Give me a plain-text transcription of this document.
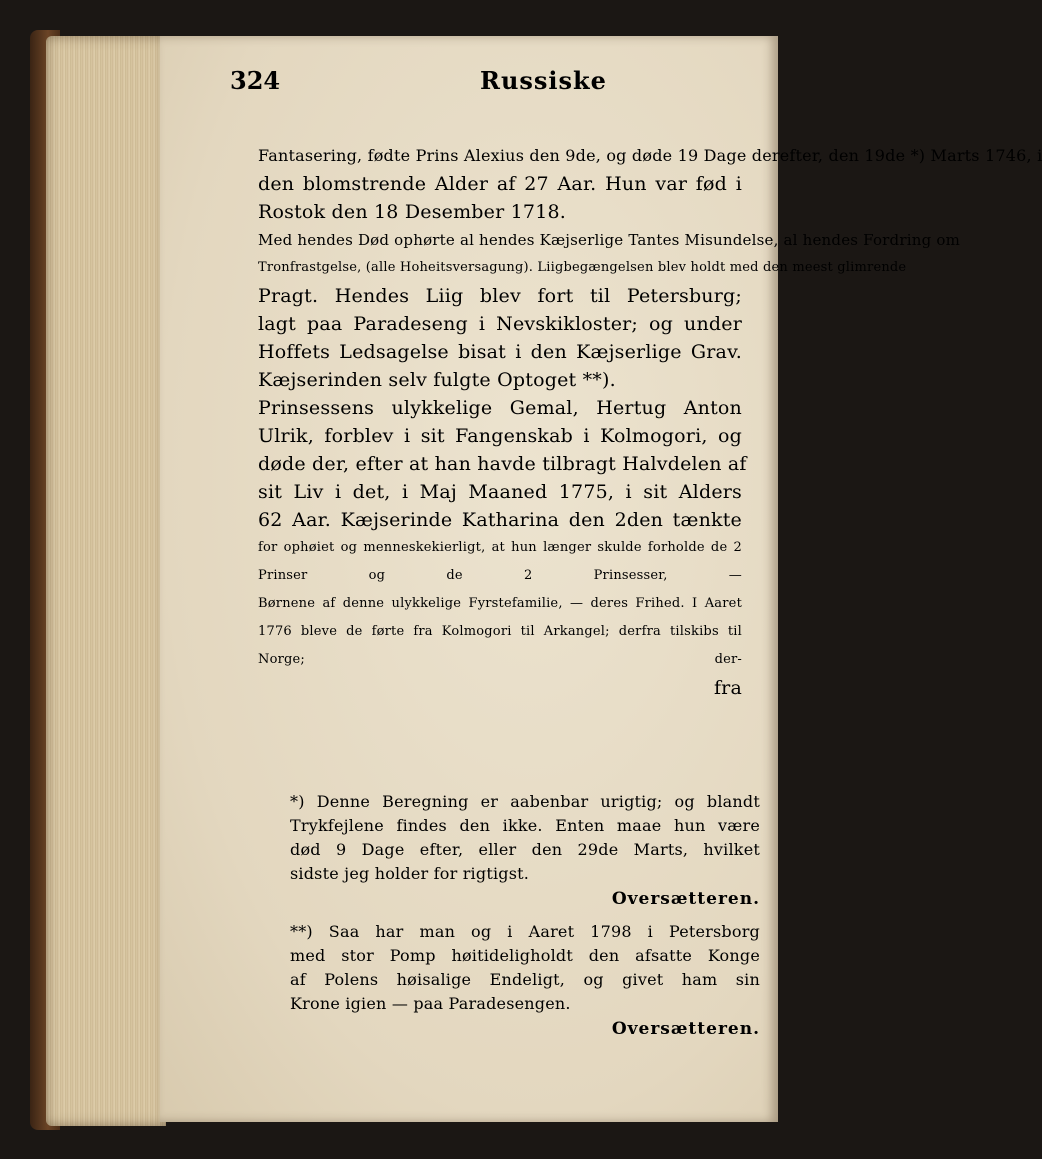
324	Russiske
Fantasering, fødte Prins Alexius den 9de, og døde 19 Dage derefter, den 19de *) Marts 1746, i
den blomstrende Alder af 27 Aar. Hun var fød i
Rostok den 18 Desember 1718.
Med hendes Død ophørte al hendes Kæjserlige Tantes Misundelse, al hendes Fordring om
Tronfrastgelse, (alle Hoheitsversagung). Liigbegængelsen blev holdt med den meest glimrende
Pragt. Hendes Liig blev fort til Petersburg;
lagt paa Paradeseng i Nevskikloster; og under
Hoffets Ledsagelse bisat i den Kæjserlige Grav.
Kæjserinden selv fulgte Optoget **).
Prinsessens ulykkelige Gemal, Hertug Anton
Ulrik, forblev i sit Fangenskab i Kolmogori, og
døde der, efter at han havde tilbragt Halvdelen af
sit Liv i det, i Maj Maaned 1775, i sit Alders
62 Aar. Kæjserinde Katharina den 2den tænkte
for ophøiet og menneskekierligt, at hun længer skulde forholde de 2 Prinser og de 2 Prinsesser, —
Børnene af denne ulykkelige Fyrstefamilie, — deres Frihed. I Aaret 1776 bleve de førte fra Kolmogori til Arkangel; derfra tilskibs til Norge; der-
fra
*) Denne Beregning er aabenbar urigtig; og blandt
Trykfejlene findes den ikke. Enten maae hun være
død 9 Dage efter, eller den 29de Marts, hvilket
sidste jeg holder for rigtigst.
Oversætteren.
**) Saa har man og i Aaret 1798 i Petersborg
med stor Pomp høitideligholdt den afsatte Konge
af Polens høisalige Endeligt, og givet ham sin
Krone igien — paa Paradesengen.
Oversætteren.
